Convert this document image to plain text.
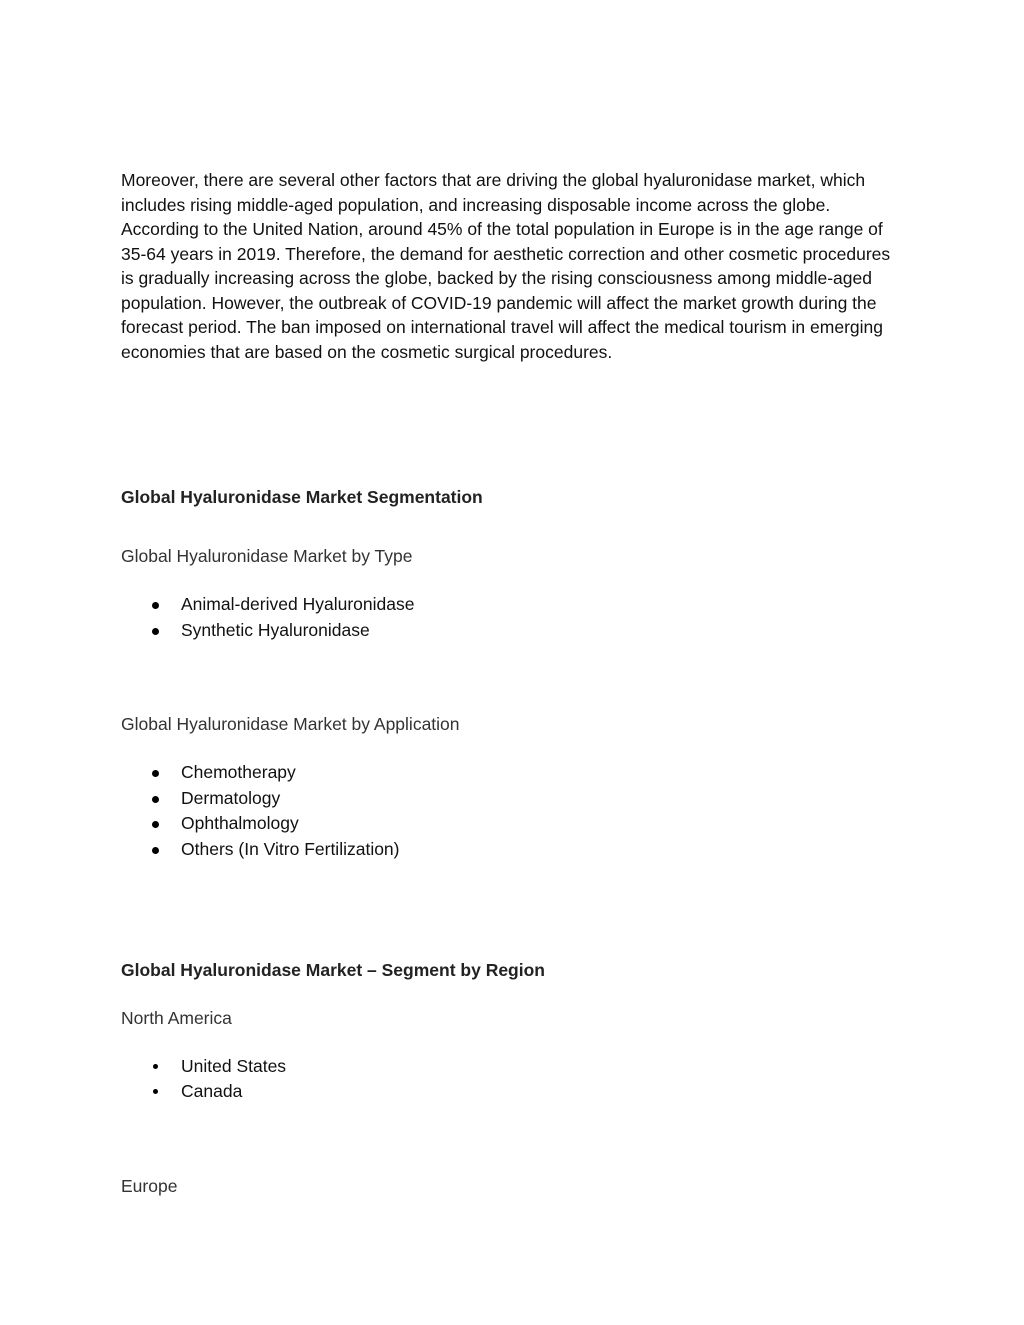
Moreover, there are several other factors that are driving the global hyaluronidase market, which includes rising middle-aged population, and increasing disposable income across the globe. According to the United Nation, around 45% of the total population in Europe is in the age range of 35-64 years in 2019. Therefore, the demand for aesthetic correction and other cosmetic procedures is gradually increasing across the globe, backed by the rising consciousness among middle-aged population. However, the outbreak of COVID-19 pandemic will affect the market growth during the forecast period. The ban imposed on international travel will affect the medical tourism in emerging economies that are based on the cosmetic surgical procedures.

Global Hyaluronidase Market Segmentation

Global Hyaluronidase Market by Type

Animal-derived Hyaluronidase
Synthetic Hyaluronidase

Global Hyaluronidase Market by Application

Chemotherapy
Dermatology
Ophthalmology
Others (In Vitro Fertilization)

Global Hyaluronidase Market – Segment by Region

North America

United States
Canada

Europe
